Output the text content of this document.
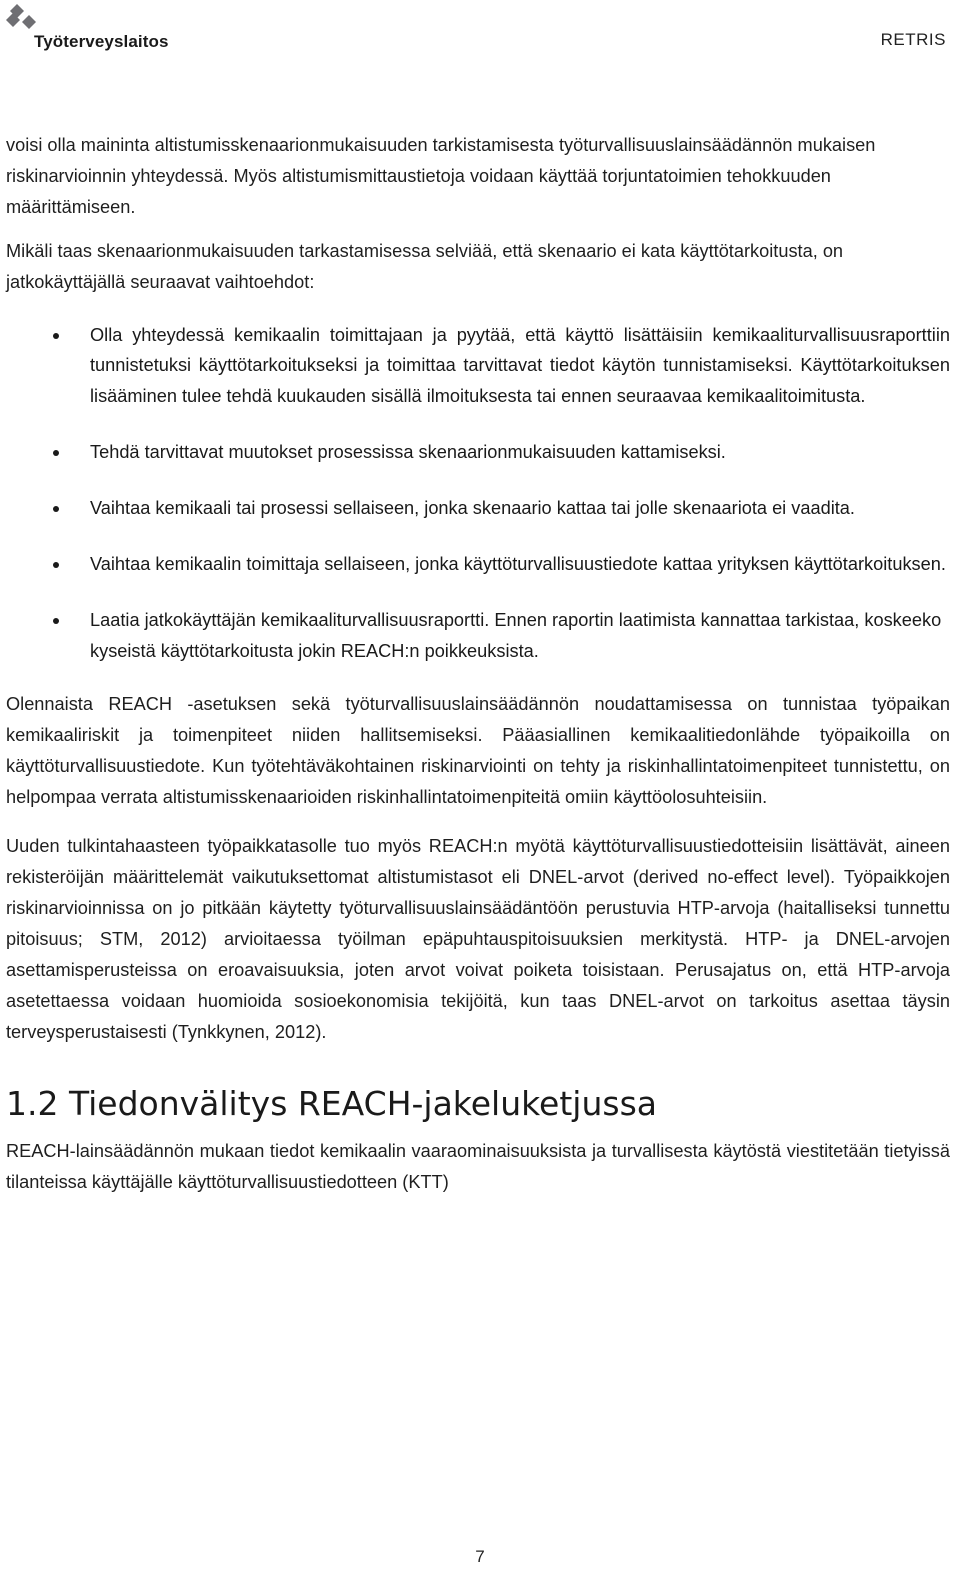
Työterveyslaitos	RETRIS

voisi olla maininta altistumisskenaarionmukaisuuden tarkistamisesta työturvallisuuslainsäädännön mukaisen riskinarvioinnin yhteydessä. Myös altistumismittaustietoja voidaan käyttää torjuntatoimien tehokkuuden määrittämiseen.

Mikäli taas skenaarionmukaisuuden tarkastamisessa selviää, että skenaario ei kata käyttötarkoitusta, on jatkokäyttäjällä seuraavat vaihtoehdot:

Olla yhteydessä kemikaalin toimittajaan ja pyytää, että käyttö lisättäisiin kemikaaliturvallisuusraporttiin tunnistetuksi käyttötarkoitukseksi ja toimittaa tarvittavat tiedot käytön tunnistamiseksi. Käyttötarkoituksen lisääminen tulee tehdä kuukauden sisällä ilmoituksesta tai ennen seuraavaa kemikaalitoimitusta.
Tehdä tarvittavat muutokset prosessissa skenaarionmukaisuuden kattamiseksi.
Vaihtaa kemikaali tai prosessi sellaiseen, jonka skenaario kattaa tai jolle skenaariota ei vaadita.
Vaihtaa kemikaalin toimittaja sellaiseen, jonka käyttöturvallisuustiedote kattaa yrityksen käyttötarkoituksen.
Laatia jatkokäyttäjän kemikaaliturvallisuusraportti. Ennen raportin laatimista kannattaa tarkistaa, koskeeko kyseistä käyttötarkoitusta jokin REACH:n poikkeuksista.

Olennaista REACH -asetuksen sekä työturvallisuuslainsäädännön noudattamisessa on tunnistaa työpaikan kemikaaliriskit ja toimenpiteet niiden hallitsemiseksi. Pääasiallinen kemikaalitiedonlähde työpaikoilla on käyttöturvallisuustiedote. Kun työtehtäväkohtainen riskinarviointi on tehty ja riskinhallintatoimenpiteet tunnistettu, on helpompaa verrata altistumisskenaarioiden riskinhallintatoimenpiteitä omiin käyttöolosuhteisiin.

Uuden tulkintahaasteen työpaikkatasolle tuo myös REACH:n myötä käyttöturvallisuustiedotteisiin lisättävät, aineen rekisteröijän määrittelemät vaikutuksettomat altistumistasot eli DNEL-arvot (derived no-effect level). Työpaikkojen riskinarvioinnissa on jo pitkään käytetty työturvallisuuslainsäädäntöön perustuvia HTP-arvoja (haitalliseksi tunnettu pitoisuus; STM, 2012) arvioitaessa työilman epäpuhtauspitoisuuksien merkitystä. HTP- ja DNEL-arvojen asettamisperusteissa on eroavaisuuksia, joten arvot voivat poiketa toisistaan. Perusajatus on, että HTP-arvoja asetettaessa voidaan huomioida sosioekonomisia tekijöitä, kun taas DNEL-arvot on tarkoitus asettaa täysin terveysperustaisesti (Tynkkynen, 2012).

1.2 Tiedonvälitys REACH-jakeluketjussa

REACH-lainsäädännön mukaan tiedot kemikaalin vaaraominaisuuksista ja turvallisesta käytöstä viestitetään tietyissä tilanteissa käyttäjälle käyttöturvallisuustiedotteen (KTT)

7
